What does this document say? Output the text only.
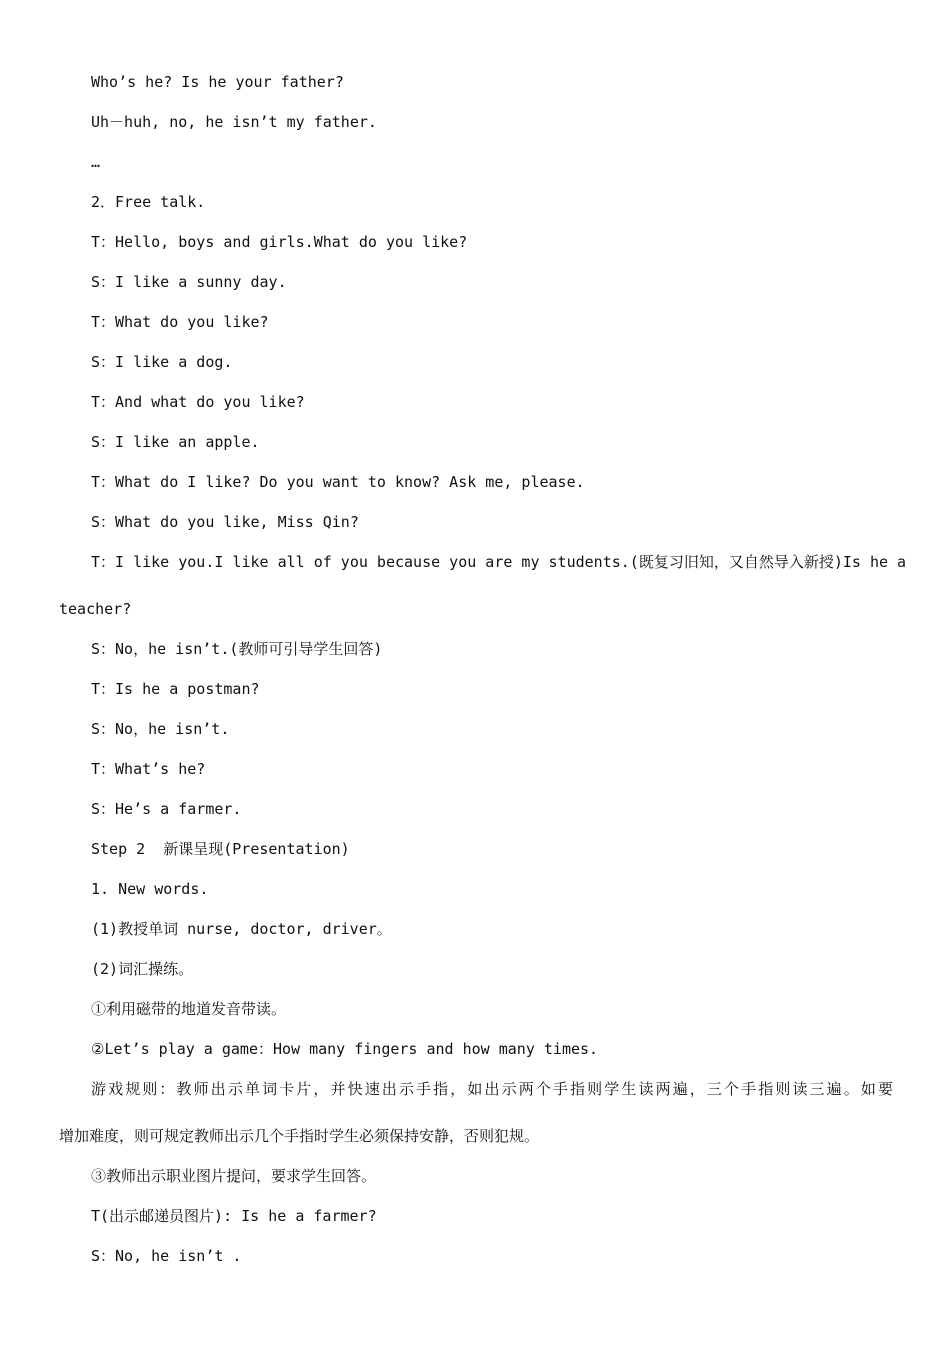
Who’s he? Is he your father?
Uh－huh, no, he isn’t my father.
…
2．Free talk.
T：Hello, boys and girls.What do you like?
S：I like a sunny day.
T：What do you like?
S：I like a dog.
T：And what do you like?
S：I like an apple.
T：What do I like? Do you want to know? Ask me, please.
S：What do you like, Miss Qin?
T：I like you.I like all of you because you are my students.(既复习旧知，又自然导入新授)Is he a
teacher?
S：No，he isn’t.(教师可引导学生回答)
T：Is he a postman?
S：No，he isn’t.
T：What’s he?
S：He’s a farmer.
Step 2  新课呈现(Presentation)
1. New words.
(1)教授单词 nurse, doctor, driver。
(2)词汇操练。
①利用磁带的地道发音带读。
②Let’s play a game：How many fingers and how many times.
游戏规则：教师出示单词卡片，并快速出示手指，如出示两个手指则学生读两遍，三个手指则读三遍。如要
增加难度，则可规定教师出示几个手指时学生必须保持安静，否则犯规。
③教师出示职业图片提问，要求学生回答。
T(出示邮递员图片): Is he a farmer?
S：No, he isn’t .
